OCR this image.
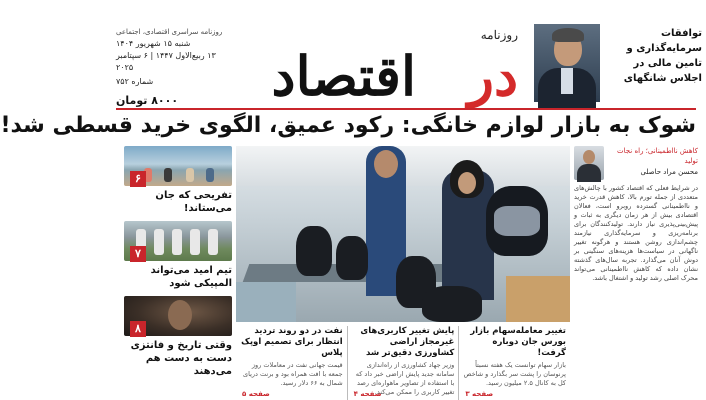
توافقات سرمایه‌گذاری و تامین مالی در اجلاس شانگهای
روزنامه
در
اقتصاد
روزنامه سراسری اقتصادی، اجتماعی
شنبه ۱۵ شهریور ۱۴۰۴
۱۳ ربیع‌الاول ۱۴۴۷ | ۶ سپتامبر ۲۰۲۵
شماره ۷۵۲
۸۰۰۰ تومان
شوک به بازار لوازم خانگی: رکود عمیق، الگوی خرید قسطی شد!
۶
تفریحی که جان می‌ستاند!
۷
تیم امید می‌تواند المپیکی شود
۸
وقتی تاریخ و فانتزی دست به دست هم می‌دهند
کاهش نااطمینانی؛ راه نجات تولید
محسن مراد حاصلی
در شرایط فعلی که اقتصاد کشور با چالش‌های متعددی از جمله تورم بالا، کاهش قدرت خرید و نااطمینانی گسترده روبرو است، فعالان اقتصادی بیش از هر زمان دیگری به ثبات و پیش‌بینی‌پذیری نیاز دارند. تولیدکنندگان برای برنامه‌ریزی و سرمایه‌گذاری نیازمند چشم‌اندازی روشن هستند و هرگونه تغییر ناگهانی در سیاست‌ها هزینه‌های سنگینی بر دوش آنان می‌گذارد. تجربه سال‌های گذشته نشان داده که کاهش نااطمینانی می‌تواند محرک اصلی رشد تولید و اشتغال باشد.
تغییر معامله‌سهام بازار بورس جان دوباره گرفت!

بازار سهام توانست یک هفته نسبتاً پرنوسان را پشت سر بگذارد و شاخص کل به کانال ۲.۵ میلیون رسید.

صفحه ۳
پایش تغییر کاربری‌های غیرمجاز اراضی کشاورزی دقیق‌تر شد

وزیر جهاد کشاورزی از راه‌اندازی سامانه جدید پایش اراضی خبر داد که با استفاده از تصاویر ماهواره‌ای رصد تغییر کاربری را ممکن می‌کند.

صفحه ۴
نفت در دو روند تردید انتظار برای تصمیم اوپک پلاس

قیمت جهانی نفت در معاملات روز جمعه با افت همراه بود و برنت دریای شمال به ۶۶ دلار رسید.

صفحه ۵
